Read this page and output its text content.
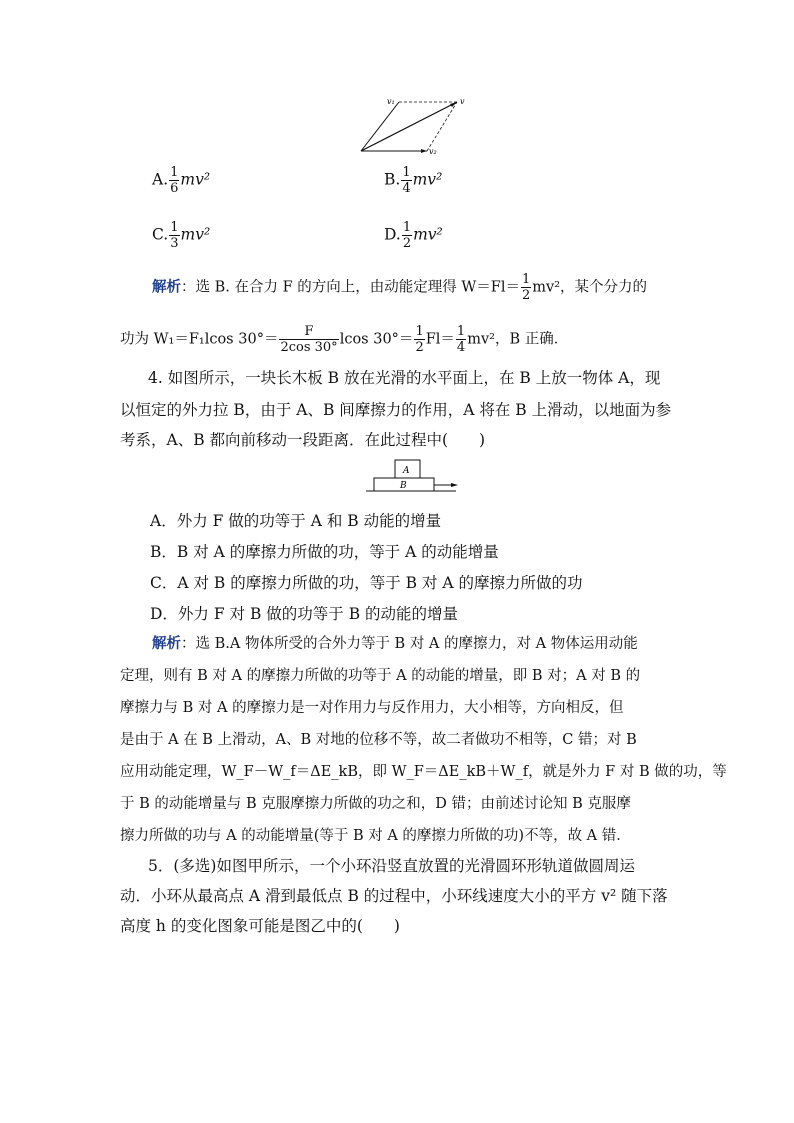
v₁	v
v₂
A. $\frac{1}{6} mv^2$	B. $\frac{1}{4} mv^2$
C. $\frac{1}{3} mv^2$	D. $\frac{1}{2} mv^2$
解析：选 B. 在合力 F 的方向上，由动能定理得 $W=Fl= \frac{1}{2} mv^2$，某个分力的
功为 W₁＝F₁lcos $30^\circ= \frac{F}{2\cos 30^\circ}$ lcos $30^\circ= \frac{1}{2} Fl= \frac{1}{4} mv^2$，B 正确．
4. 如图所示，一块长木板 B 放在光滑的水平面上，在 B 上放一物体 A，现
以恒定的外力拉 B，由于 A、B 间摩擦力的作用，A 将在 B 上滑动，以地面为参
考系，A、B 都向前移动一段距离．在此过程中(　　)
A
B
A．外力 F 做的功等于 A 和 B 动能的增量
B．B 对 A 的摩擦力所做的功，等于 A 的动能增量
C．A 对 B 的摩擦力所做的功，等于 B 对 A 的摩擦力所做的功
D．外力 F 对 B 做的功等于 B 的动能的增量
解析：选 B.A 物体所受的合外力等于 B 对 A 的摩擦力，对 A 物体运用动能
定理，则有 B 对 A 的摩擦力所做的功等于 A 的动能的增量，即 B 对；A 对 B 的
摩擦力与 B 对 A 的摩擦力是一对作用力与反作用力，大小相等，方向相反，但
是由于 A 在 B 上滑动，A、B 对地的位移不等，故二者做功不相等，C 错；对 B
应用动能定理，W_F－W_f＝ΔE_kB，即 W_F＝ΔE_kB＋W_f，就是外力 F 对 B 做的功，等
于 B 的动能增量与 B 克服摩擦力所做的功之和，D 错；由前述讨论知 B 克服摩
擦力所做的功与 A 的动能增量(等于 B 对 A 的摩擦力所做的功)不等，故 A 错．
5．(多选)如图甲所示，一个小环沿竖直放置的光滑圆环形轨道做圆周运
动．小环从最高点 A 滑到最低点 B 的过程中，小环线速度大小的平方 v² 随下落
高度 h 的变化图象可能是图乙中的(　　)
